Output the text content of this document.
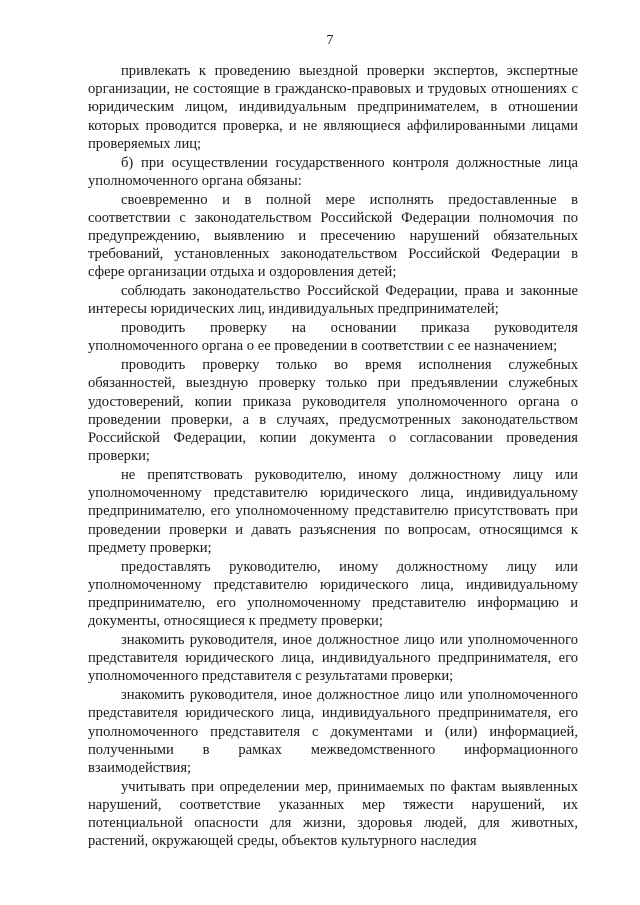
7

привлекать к проведению выездной проверки экспертов, экспертные организации, не состоящие в гражданско-правовых и трудовых отношениях с юридическим лицом, индивидуальным предпринимателем, в отношении которых проводится проверка, и не являющиеся аффилированными лицами проверяемых лиц;

б) при осуществлении государственного контроля должностные лица уполномоченного органа обязаны:

своевременно и в полной мере исполнять предоставленные в соответствии с законодательством Российской Федерации полномочия по предупреждению, выявлению и пресечению нарушений обязательных требований, установленных законодательством Российской Федерации в сфере организации отдыха и оздоровления детей;

соблюдать законодательство Российской Федерации, права и законные интересы юридических лиц, индивидуальных предпринимателей;

проводить проверку на основании приказа руководителя уполномоченного органа о ее проведении в соответствии с ее назначением;

проводить проверку только во время исполнения служебных обязанностей, выездную проверку только при предъявлении служебных удостоверений, копии приказа руководителя уполномоченного органа о проведении проверки, а в случаях, предусмотренных законодательством Российской Федерации, копии документа о согласовании проведения проверки;

не препятствовать руководителю, иному должностному лицу или уполномоченному представителю юридического лица, индивидуальному предпринимателю, его уполномоченному представителю присутствовать при проведении проверки и давать разъяснения по вопросам, относящимся к предмету проверки;

предоставлять руководителю, иному должностному лицу или уполномоченному представителю юридического лица, индивидуальному предпринимателю, его уполномоченному представителю информацию и документы, относящиеся к предмету проверки;

знакомить руководителя, иное должностное лицо или уполномоченного представителя юридического лица, индивидуального предпринимателя, его уполномоченного представителя с результатами проверки;

знакомить руководителя, иное должностное лицо или уполномоченного представителя юридического лица, индивидуального предпринимателя, его уполномоченного представителя с документами и (или) информацией, полученными в рамках межведомственного информационного взаимодействия;

учитывать при определении мер, принимаемых по фактам выявленных нарушений, соответствие указанных мер тяжести нарушений, их потенциальной опасности для жизни, здоровья людей, для животных, растений, окружающей среды, объектов культурного наследия
